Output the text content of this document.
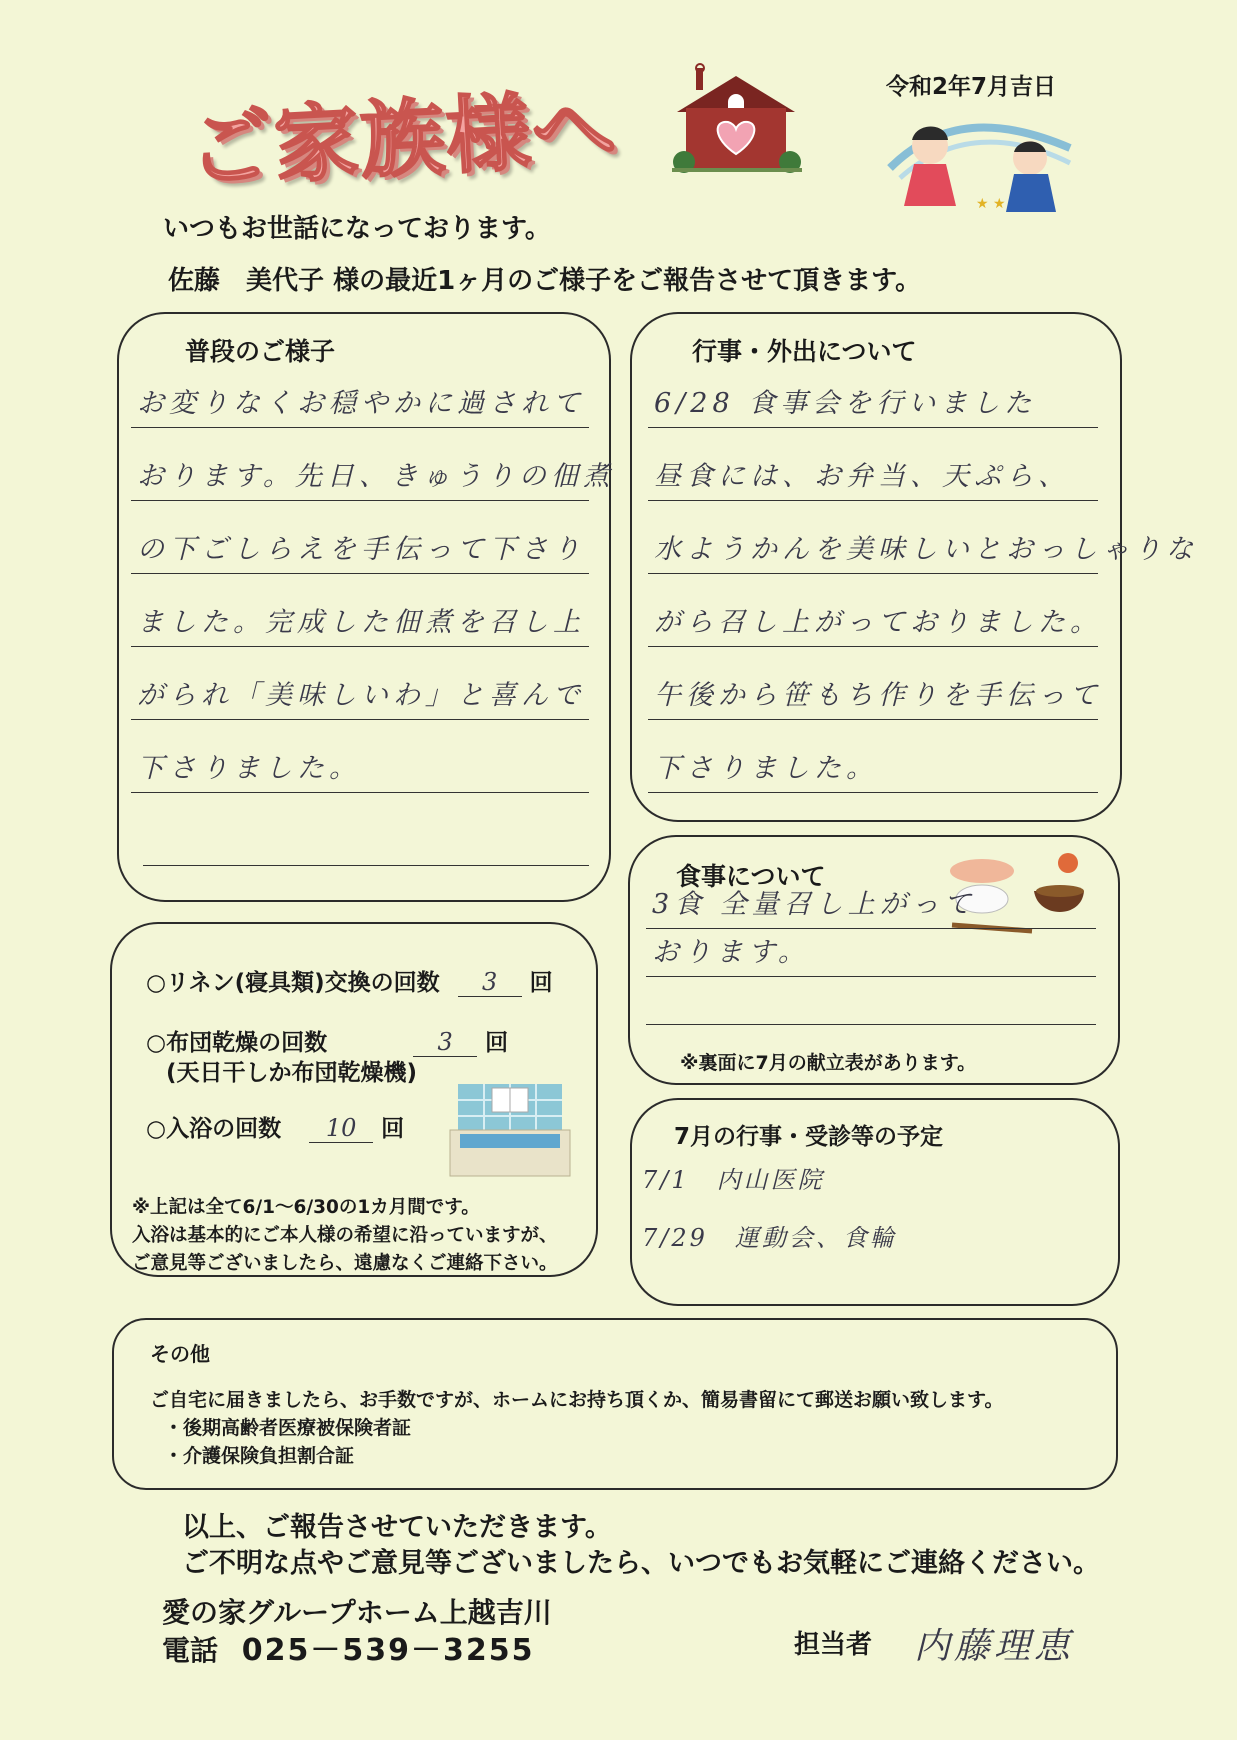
ご家族様へ	令和2年7月吉日
★ ★
いつもお世話になっております。
佐藤　美代子 様の最近1ヶ月のご様子をご報告させて頂きます。
普段のご様子
お変りなくお穏やかに過されて
おります。先日、きゅうりの佃煮
の下ごしらえを手伝って下さり
ました。完成した佃煮を召し上
がられ「美味しいわ」と喜んで
下さりました。
行事・外出について
6/28 食事会を行いました
昼食には、お弁当、天ぷら、
水ようかんを美味しいとおっしゃりな
がら召し上がっておりました。
午後から笹もち作りを手伝って
下さりました。
食事について
3食 全量召し上がって
おります。
※裏面に7月の献立表があります。
○リネン(寝具類)交換の回数 3 回
○布団乾燥の回数	3 回
(天日干しか布団乾燥機)
○入浴の回数 10 回
※上記は全て6/1～6/30の1カ月間です。
入浴は基本的にご本人様の希望に沿っていますが、
ご意見等ございましたら、遠慮なくご連絡下さい。
7月の行事・受診等の予定
7/1　内山医院
7/29　運動会、食輪
その他
ご自宅に届きましたら、お手数ですが、ホームにお持ち頂くか、簡易書留にて郵送お願い致します。
・後期高齢者医療被保険者証
・介護保険負担割合証
以上、ご報告させていただきます。
ご不明な点やご意見等ございましたら、いつでもお気軽にご連絡ください。
愛の家グループホーム上越吉川
電話 025－539－3255	担当者 内藤理恵
